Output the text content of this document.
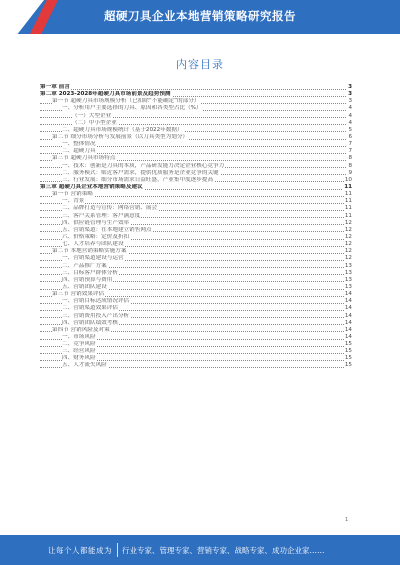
超硬刀具企业本地营销策略研究报告
内容目录
第一章 前言	3
第二章 2023-2028年超硬刀具市场前景及趋势预测	3
第一节 超硬刀具市场规模分析（已扣除“不能确定”的部分）	3
一、分析用户主要选择的刀具、原因和各类型占比（%）	4
（一）大型企业	4
（二）中小型企业	4
二、超硬刀具市场规模统计（基于2022年数据）	5
第二节 细分市场分析与发展前景（以刀具类型为划分）	6
一、整体情况	7
二、超硬刀具	7
第三节 超硬刀具市场特点	8
一、技术：创新是刀具的本质，产品研发能力决定企业核心竞争力	8
二、服务模式：贴近客户需求，提供优质服务是企业竞争的关键	9
三、行业发展：细分市场需求日益旺盛，产业集中度逐步提高	10
第三章 超硬刀具企业本地营销策略及建议	11
第一节 营销策略	11
一、背景	11
二、品牌打造与宣传：网络营销、展会	11
三、客户关系管理：客户满意度	11
四、供应链管理与生产效率	12
五、营销渠道：在本地建立销售网点	12
六、价格策略：定价及折扣	12
七、人才培养与团队建设	12
第二节 本地营销策略实施方案	12
一、营销渠道建设与运营	12
二、产品推广方案	13
三、目标客户群体分析	13
四、营销预算与费用	13
五、营销团队建设	13
第三节 营销效果评估	14
一、营销目标达成情况评估	14
二、营销渠道效果评估	14
三、营销费用投入产出分析	14
四、营销团队绩效考核	14
第四节 营销风险及对策	14
一、市场风险	14
二、竞争风险	15
三、经营风险	15
四、财务风险	15
五、人才流失风险	15
1
让每个人都能成为 行业专家、管理专家、营销专家、战略专家、成功企业家……
